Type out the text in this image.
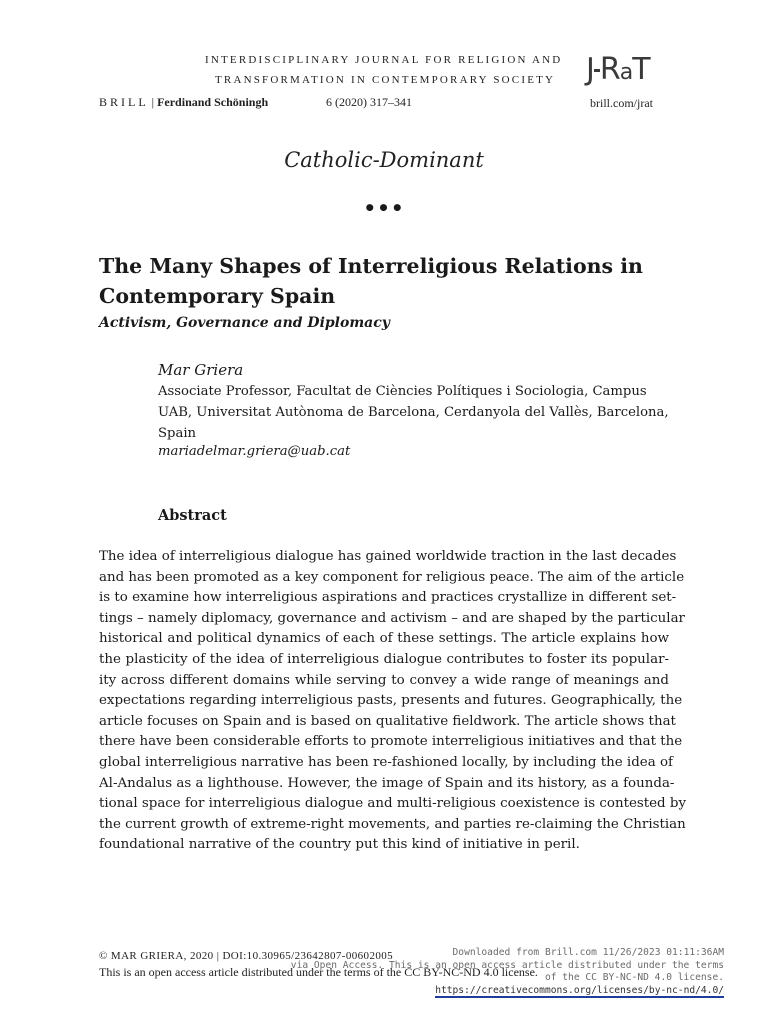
INTERDISCIPLINARY JOURNAL FOR RELIGION AND
TRANSFORMATION IN CONTEMPORARY SOCIETY
BRILL | Ferdinand Schöningh	6 (2020) 317–341
J RaT
brill.com/jrat
Catholic-Dominant
•••
The Many Shapes of Interreligious Relations in
Contemporary Spain
Activism, Governance and Diplomacy
Mar Griera
Associate Professor, Facultat de Ciències Polítiques i Sociologia, Campus
UAB, Universitat Autònoma de Barcelona, Cerdanyola del Vallès, Barcelona,
Spain
mariadelmar.griera@uab.cat
Abstract
The idea of interreligious dialogue has gained worldwide traction in the last decades
and has been promoted as a key component for religious peace. The aim of the article
is to examine how interreligious aspirations and practices crystallize in different set-
tings – namely diplomacy, governance and activism – and are shaped by the particular
historical and political dynamics of each of these settings. The article explains how
the plasticity of the idea of interreligious dialogue contributes to foster its popular-
ity across different domains while serving to convey a wide range of meanings and
expectations regarding interreligious pasts, presents and futures. Geographically, the
article focuses on Spain and is based on qualitative fieldwork. The article shows that
there have been considerable efforts to promote interreligious initiatives and that the
global interreligious narrative has been re-fashioned locally, by including the idea of
Al-Andalus as a lighthouse. However, the image of Spain and its history, as a founda-
tional space for interreligious dialogue and multi-religious coexistence is contested by
the current growth of extreme-right movements, and parties re-claiming the Christian
foundational narrative of the country put this kind of initiative in peril.
© MAR GRIERA, 2020 | DOI:10.30965/23642807-00602005
This is an open access article distributed under the terms of the CC BY-NC-ND 4.0 license.
Downloaded from Brill.com 11/26/2023 01:11:36AM
via Open Access. This is an open access article distributed under the terms
of the CC BY-NC-ND 4.0 license.
https://creativecommons.org/licenses/by-nc-nd/4.0/
